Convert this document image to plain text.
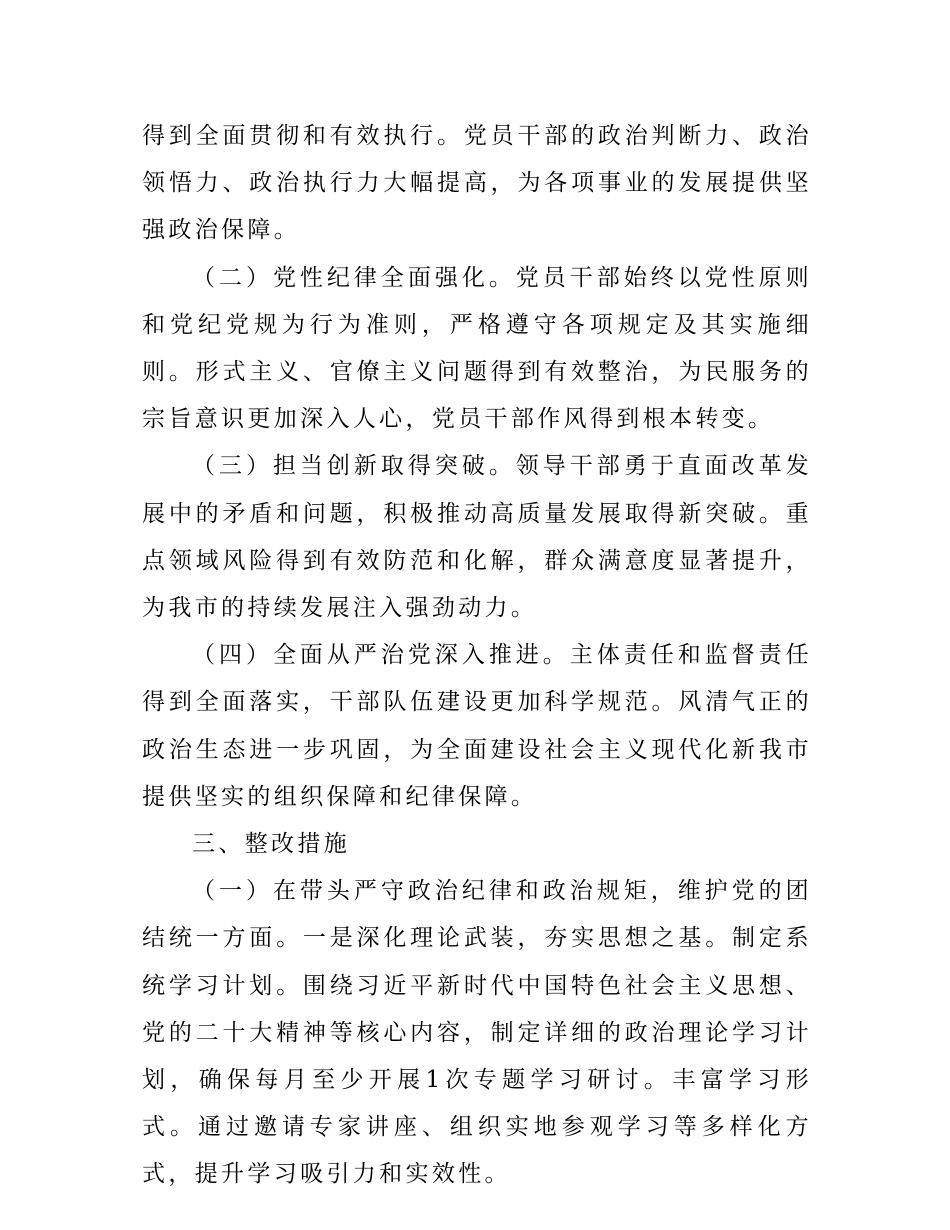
得到全面贯彻和有效执行。党员干部的政治判断力、政治领悟力、政治执行力大幅提高，为各项事业的发展提供坚强政治保障。

（二）党性纪律全面强化。党员干部始终以党性原则和党纪党规为行为准则，严格遵守各项规定及其实施细则。形式主义、官僚主义问题得到有效整治，为民服务的宗旨意识更加深入人心，党员干部作风得到根本转变。

（三）担当创新取得突破。领导干部勇于直面改革发展中的矛盾和问题，积极推动高质量发展取得新突破。重点领域风险得到有效防范和化解，群众满意度显著提升，为我市的持续发展注入强劲动力。

（四）全面从严治党深入推进。主体责任和监督责任得到全面落实，干部队伍建设更加科学规范。风清气正的政治生态进一步巩固，为全面建设社会主义现代化新我市提供坚实的组织保障和纪律保障。

三、整改措施

（一）在带头严守政治纪律和政治规矩，维护党的团结统一方面。一是深化理论武装，夯实思想之基。制定系统学习计划。围绕习近平新时代中国特色社会主义思想、党的二十大精神等核心内容，制定详细的政治理论学习计划，确保每月至少开展1次专题学习研讨。丰富学习形式。通过邀请专家讲座、组织实地参观学习等多样化方式，提升学习吸引力和实效性。
